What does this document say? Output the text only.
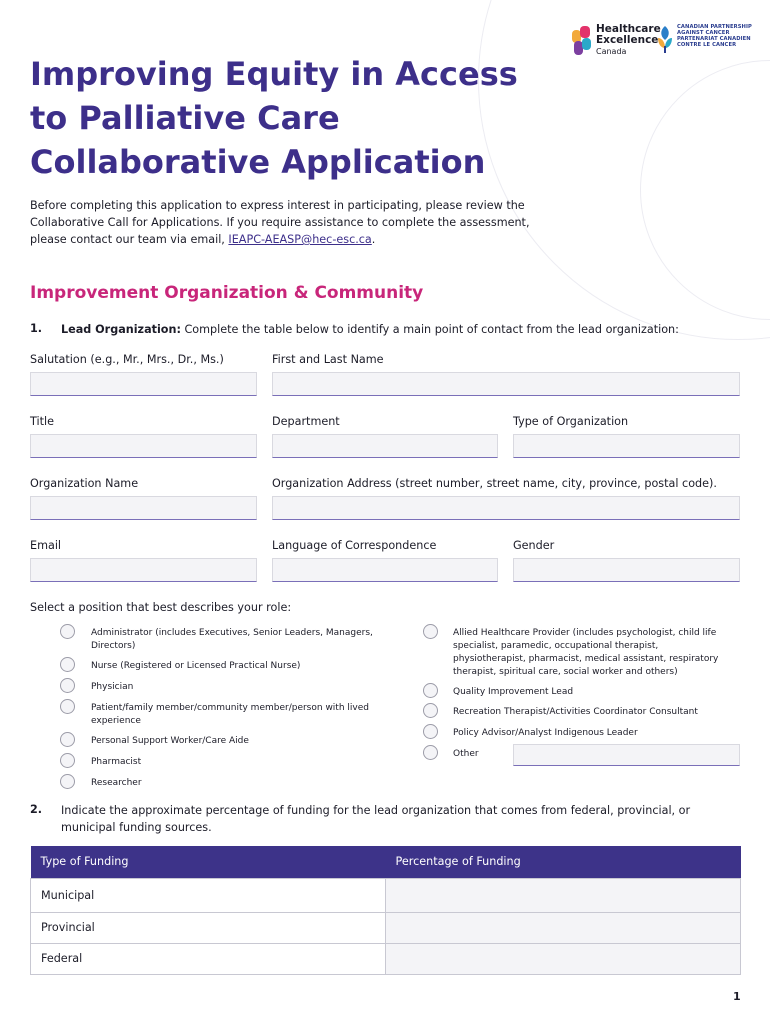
Healthcare
Excellence
Canada
CANADIAN PARTNERSHIP
AGAINST CANCER
PARTENARIAT CANADIEN
CONTRE LE CANCER
Improving Equity in Access to Palliative Care Collaborative Application

Before completing this application to express interest in participating, please review the Collaborative Call for Applications. If you require assistance to complete the assessment, please contact our team via email, IEAPC-AEASP@hec-esc.ca.

Improvement Organization & Community
1. Lead Organization: Complete the table below to identify a main point of contact from the lead organization:
Salutation (e.g., Mr., Mrs., Dr., Ms.)	First and Last Name
Title	Department	Type of Organization
Organization Name	Organization Address (street number, street name, city, province, postal code).
Email	Language of Correspondence	Gender
Select a position that best describes your role:
Administrator (includes Executives, Senior Leaders, Managers, Directors)
Nurse (Registered or Licensed Practical Nurse)
Physician
Patient/family member/community member/person with lived experience
Personal Support Worker/Care Aide
Pharmacist
Researcher
Allied Healthcare Provider (includes psychologist, child life specialist, paramedic, occupational therapist, physiotherapist, pharmacist, medical assistant, respiratory therapist, spiritual care, social worker and others)
Quality Improvement Lead
Recreation Therapist/Activities Coordinator Consultant
Policy Advisor/Analyst Indigenous Leader
Other
2. Indicate the approximate percentage of funding for the lead organization that comes from federal, provincial, or municipal funding sources.
Type of Funding	Percentage of Funding
Municipal	
Provincial	
Federal	
1
